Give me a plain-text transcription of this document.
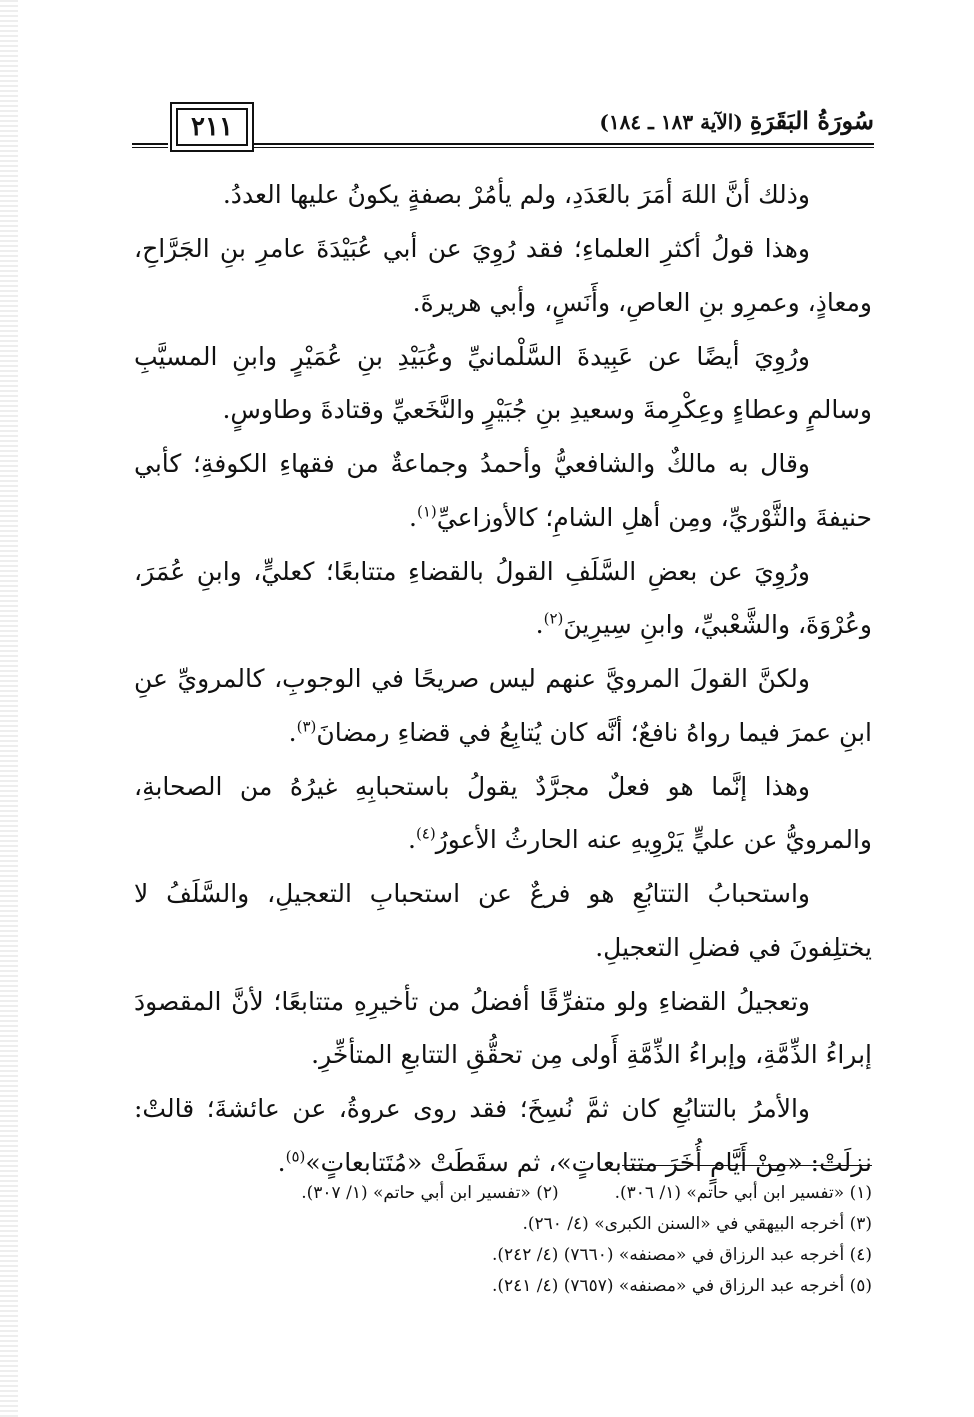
سُورَةُ البَقَرَةِ (الآية ١٨٣ ـ ١٨٤)
٢١١

وذلك أنَّ اللهَ أمَرَ بالعَدَدِ، ولم يأمُرْ بصفةٍ يكونُ عليها العددُ.

وهذا قولُ أكثرِ العلماءِ؛ فقد رُوِيَ عن أبي عُبَيْدَةَ عامرِ بنِ الجَرَّاحِ، ومعاذٍ، وعمرِو بنِ العاصِ، وأَنَسٍ، وأبي هريرةَ.

ورُوِيَ أيضًا عن عَبِيدةَ السَّلْمانيِّ وعُبَيْدِ بنِ عُمَيْرٍ وابنِ المسيَّبِ وسالمٍ وعطاءٍ وعِكْرِمةَ وسعيدِ بنِ جُبَيْرٍ والنَّخَعيِّ وقتادةَ وطاوسٍ.

وقال به مالكٌ والشافعيُّ وأحمدُ وجماعةٌ من فقهاءِ الكوفةِ؛ كأبي حنيفةَ والثَّوْريِّ، ومِن أهلِ الشامِ؛ كالأوزاعيِّ$^{(١)}$.

ورُوِيَ عن بعضِ السَّلَفِ القولُ بالقضاءِ متتابعًا؛ كعليٍّ، وابنِ عُمَرَ، وعُرْوَةَ، والشَّعْبيِّ، وابنِ سِيرِينَ$^{(٢)}$.

ولكنَّ القولَ المرويَّ عنهم ليس صريحًا في الوجوبِ، كالمرويِّ عنِ ابنِ عمرَ فيما رواهُ نافعٌ؛ أنَّه كان يُتابِعُ في قضاءِ رمضانَ$^{(٣)}$.

وهذا إنَّما هو فعلٌ مجرَّدٌ يقولُ باستحبابِهِ غيرُهُ من الصحابةِ، والمرويُّ عن عليٍّ يَرْوِيهِ عنه الحارثُ الأعورُ$^{(٤)}$.

واستحبابُ التتابُعِ هو فرعٌ عن استحبابِ التعجيلِ، والسَّلَفُ لا يختلِفونَ في فضلِ التعجيلِ.

وتعجيلُ القضاءِ ولو متفرِّقًا أفضلُ من تأخيرِهِ متتابعًا؛ لأنَّ المقصودَ إبراءُ الذِّمَّةِ، وإبراءُ الذِّمَّةِ أَولى مِن تحقُّقِ التتابعِ المتأخِّرِ.

والأمرُ بالتتابُعِ كان ثمَّ نُسِخَ؛ فقد روى عروةُ، عن عائشةَ؛ قالتْ: نزلَتْ: «مِنْ أَيَّامٍ أُخَرَ متتابعاتٍ»، ثم سقَطَتْ «مُتَتابعاتٍ»$^{(٥)}$.

(١) «تفسير ابن أبي حاتم» (١/ ٣٠٦).(٢) «تفسير ابن أبي حاتم» (١/ ٣٠٧).
(٣) أخرجه البيهقي في «السنن الكبرى» (٤/ ٢٦٠).
(٤) أخرجه عبد الرزاق في «مصنفه» (٧٦٦٠) (٤/ ٢٤٢).
(٥) أخرجه عبد الرزاق في «مصنفه» (٧٦٥٧) (٤/ ٢٤١).
